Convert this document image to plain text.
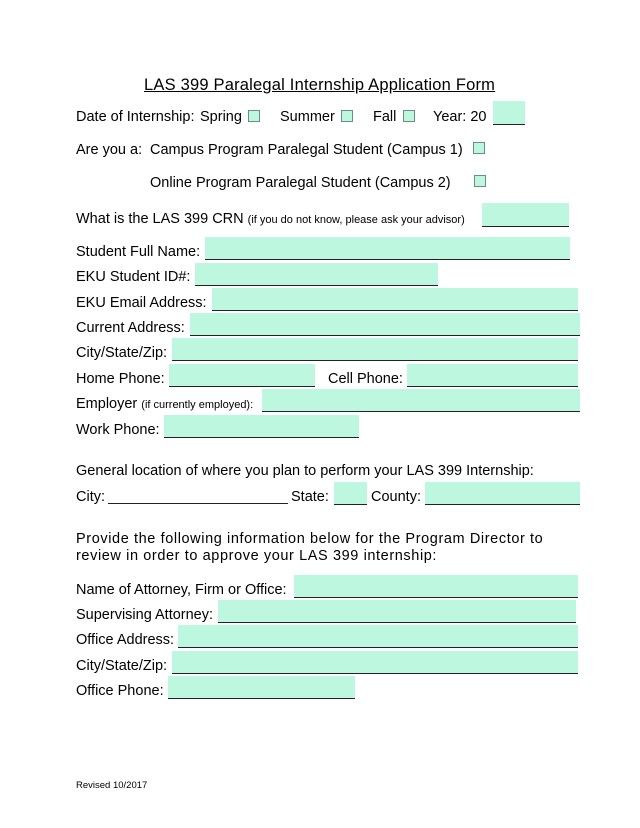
LAS 399 Paralegal Internship Application Form
Date of Internship: Spring	Summer	Fall	Year: 20
Are you a: Campus Program Paralegal Student (Campus 1)
Online Program Paralegal Student (Campus 2)
What is the LAS 399 CRN (if you do not know, please ask your advisor)
Student Full Name:
EKU Student ID#:
EKU Email Address:
Current Address:
City/State/Zip:
Home Phone:	Cell Phone:
Employer (if currently employed):
Work Phone:
General location of where you plan to perform your LAS 399 Internship:
City:	State:	County:
Provide the following information below for the Program Director to
review in order to approve your LAS 399 internship:
Name of Attorney, Firm or Office:
Supervising Attorney:
Office Address:
City/State/Zip:
Office Phone:
Revised 10/2017
